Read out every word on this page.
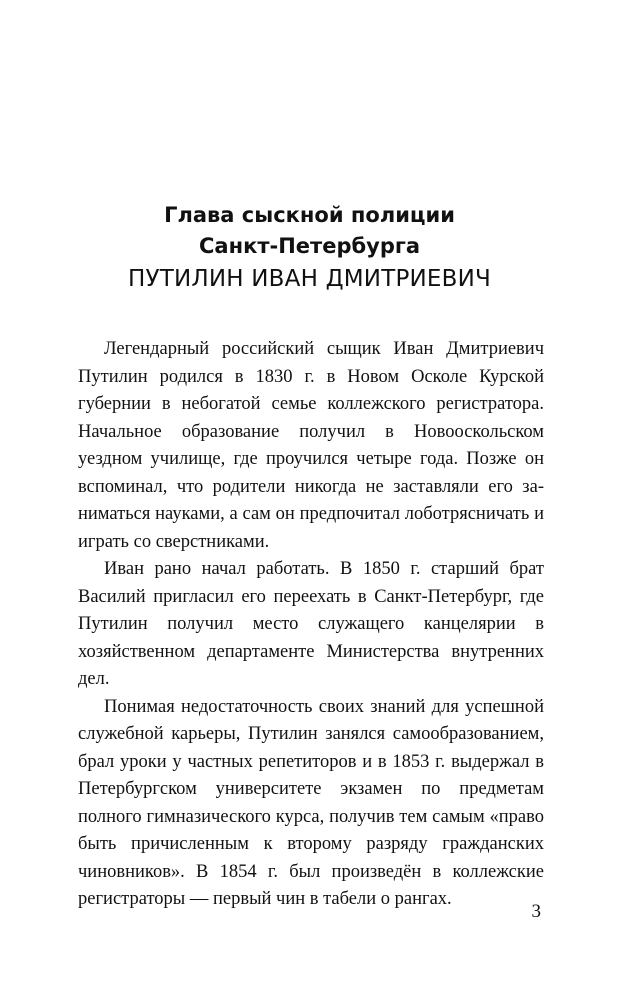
Глава сыскной полиции
Санкт-Петербурга
ПУТИЛИН ИВАН ДМИТРИЕВИЧ

Легендарный российский сыщик Иван Дмитриевич Путилин родился в 1830 г. в Новом Осколе Курской губернии в небогатой семье коллежского регистратора. Начальное образование получил в Новооскольском уездном училище, где проучился четыре года. Позже он вспоминал, что родители никогда не заставляли его заниматься науками, а сам он предпочитал лоботрясничать и играть со сверстниками.

Иван рано начал работать. В 1850 г. старший брат Василий пригласил его переехать в Санкт-Петербург, где Путилин получил место служащего канцелярии в хозяйственном департаменте Министерства внутренних дел.

Понимая недостаточность своих знаний для успешной служебной карьеры, Путилин занялся самообразованием, брал уроки у частных репетиторов и в 1853 г. выдержал в Петербургском университете экзамен по предметам полного гимназического курса, получив тем самым «право быть причисленным к второму разряду гражданских чиновников». В 1854 г. был произведён в коллежские регистраторы — первый чин в табели о рангах.

3
